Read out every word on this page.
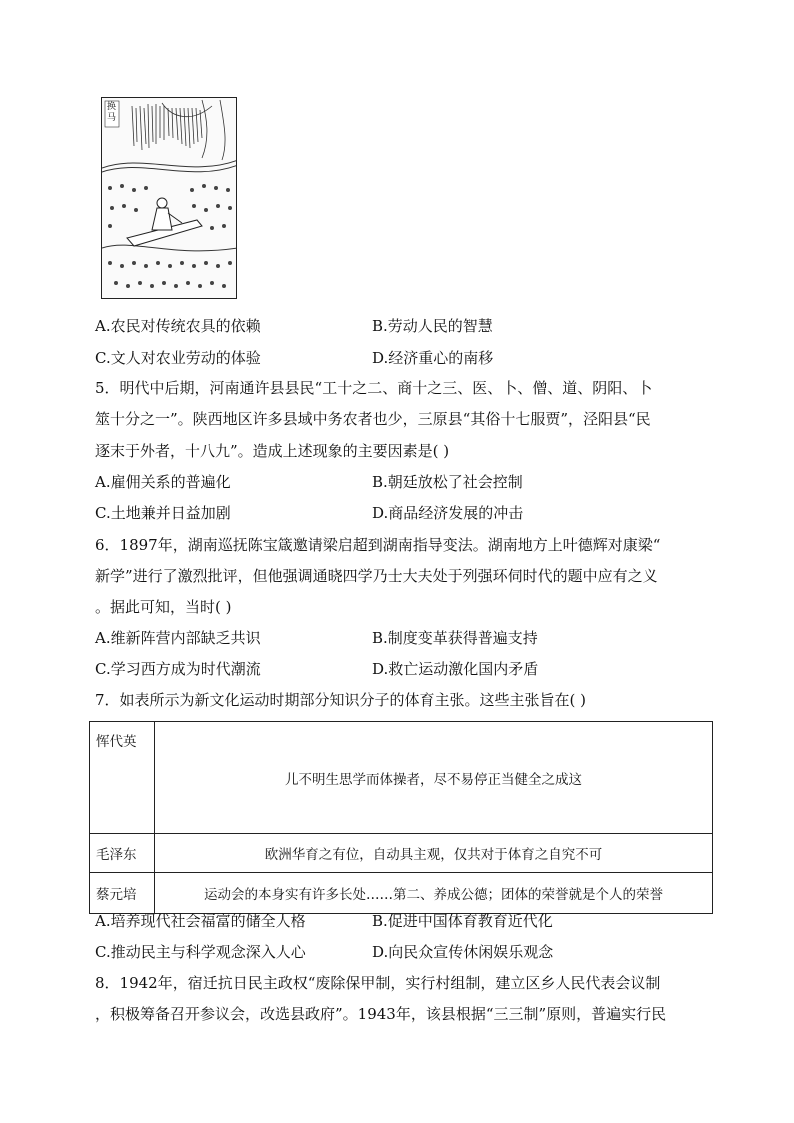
换马
A.农民对传统农具的依赖	B.劳动人民的智慧
C.文人对农业劳动的体验	D.经济重心的南移
5．明代中后期，河南通许县县民“工十之二、商十之三、医、卜、僧、道、阴阳、卜
筮十分之一”。陕西地区许多县域中务农者也少，三原县“其俗十七服贾”，泾阳县“民
逐末于外者，十八九”。造成上述现象的主要因素是( )
A.雇佣关系的普遍化	B.朝廷放松了社会控制
C.土地兼并日益加剧	D.商品经济发展的冲击
6．1897年，湖南巡抚陈宝箴邀请梁启超到湖南指导变法。湖南地方上叶德辉对康梁“
新学”进行了激烈批评，但他强调通晓四学乃士大夫处于列强环伺时代的题中应有之义
。据此可知，当时( )
A.维新阵营内部缺乏共识	B.制度变革获得普遍支持
C.学习西方成为时代潮流	D.救亡运动激化国内矛盾
7．如表所示为新文化运动时期部分知识分子的体育主张。这些主张旨在( )
恽代英	儿不明生思学而体操者，尽不易停正当健全之成这
毛泽东	欧洲华育之有位，自动具主观，仅共对于体育之自究不可
蔡元培	运动会的本身实有许多长处……第二、养成公德；团体的荣誉就是个人的荣誉
A.培养现代社会福富的储全人格	B.促进中国体育教育近代化
C.推动民主与科学观念深入人心	D.向民众宣传休闲娱乐观念
8．1942年，宿迁抗日民主政权“废除保甲制，实行村组制，建立区乡人民代表会议制
，积极筹备召开参议会，改选县政府”。1943年，该县根据“三三制”原则，普遍实行民
